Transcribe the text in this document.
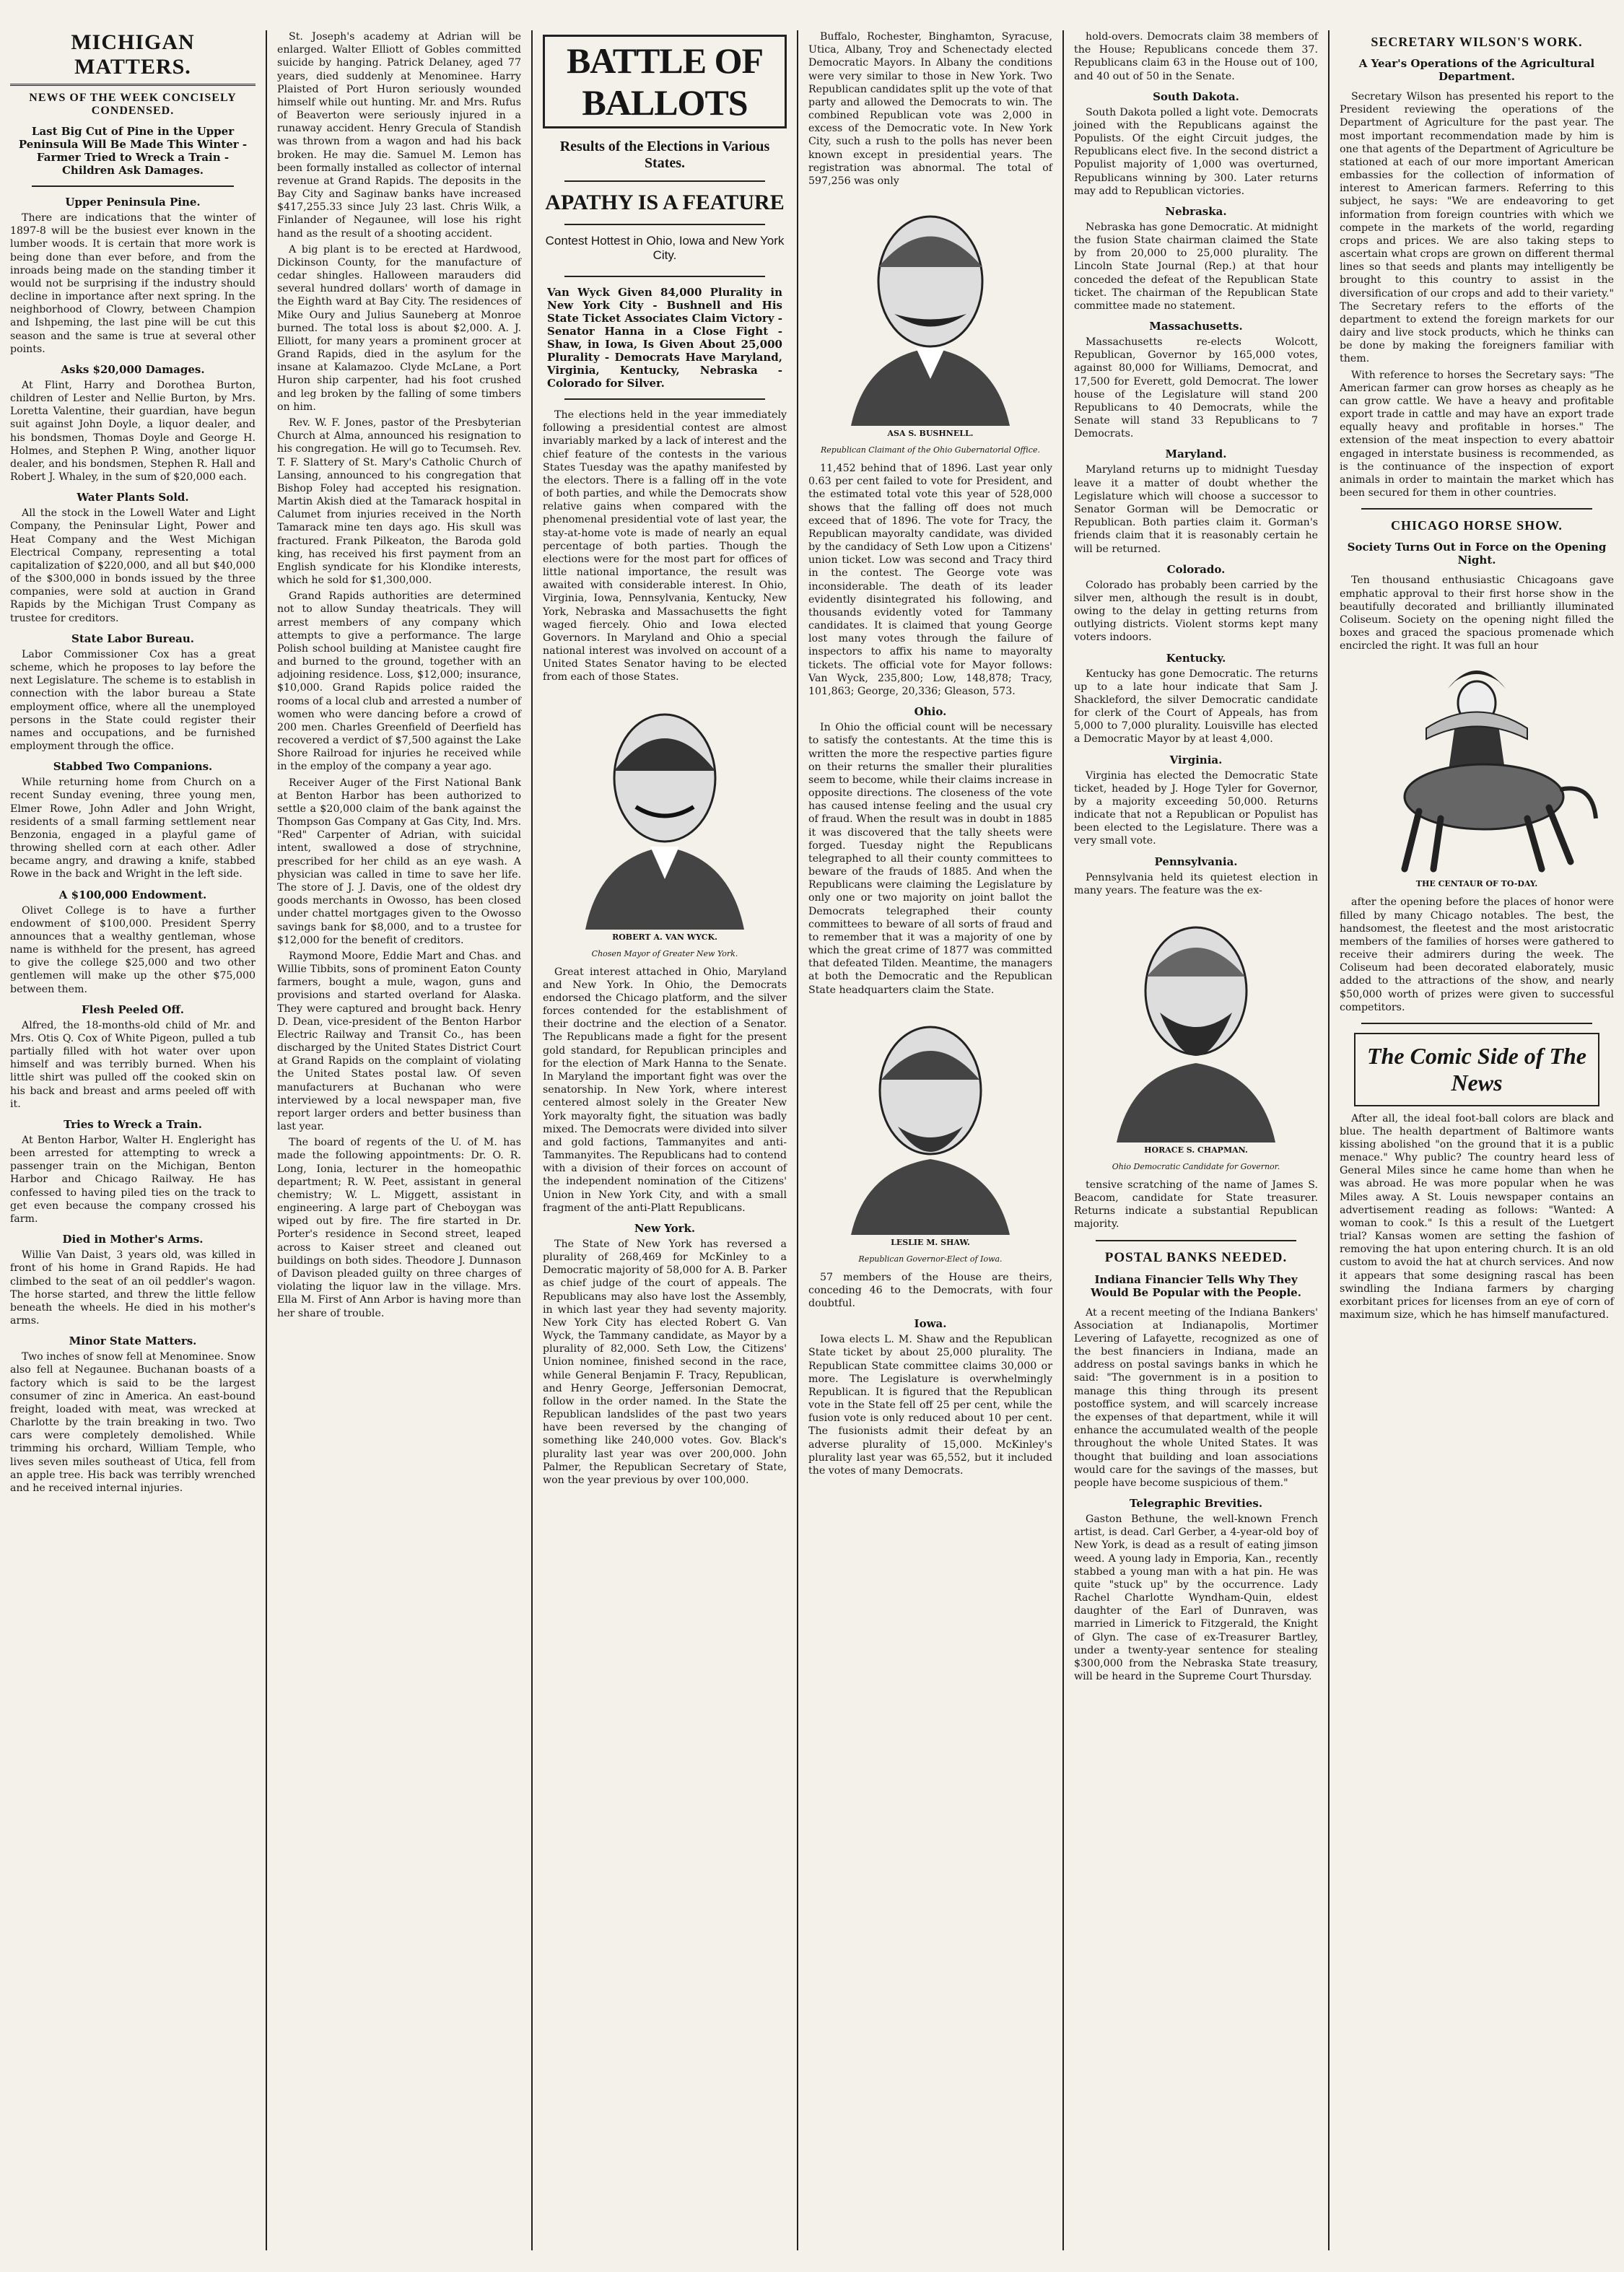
MICHIGAN MATTERS.
NEWS OF THE WEEK CONCISELY CONDENSED.
Last Big Cut of Pine in the Upper Peninsula Will Be Made This Winter - Farmer Tried to Wreck a Train - Children Ask Damages.
Upper Peninsula Pine.

There are indications that the winter of 1897-8 will be the busiest ever known in the lumber woods. It is certain that more work is being done than ever before, and from the inroads being made on the standing timber it would not be surprising if the industry should decline in importance after next spring. In the neighborhood of Clowry, between Champion and Ishpeming, the last pine will be cut this season and the same is true at several other points.

Asks $20,000 Damages.

At Flint, Harry and Dorothea Burton, children of Lester and Nellie Burton, by Mrs. Loretta Valentine, their guardian, have begun suit against John Doyle, a liquor dealer, and his bondsmen, Thomas Doyle and George H. Holmes, and Stephen P. Wing, another liquor dealer, and his bondsmen, Stephen R. Hall and Robert J. Whaley, in the sum of $20,000 each.

Water Plants Sold.

All the stock in the Lowell Water and Light Company, the Peninsular Light, Power and Heat Company and the West Michigan Electrical Company, representing a total capitalization of $220,000, and all but $40,000 of the $300,000 in bonds issued by the three companies, were sold at auction in Grand Rapids by the Michigan Trust Company as trustee for creditors.

State Labor Bureau.

Labor Commissioner Cox has a great scheme, which he proposes to lay before the next Legislature. The scheme is to establish in connection with the labor bureau a State employment office, where all the unemployed persons in the State could register their names and occupations, and be furnished employment through the office.

Stabbed Two Companions.

While returning home from Church on a recent Sunday evening, three young men, Elmer Rowe, John Adler and John Wright, residents of a small farming settlement near Benzonia, engaged in a playful game of throwing shelled corn at each other. Adler became angry, and drawing a knife, stabbed Rowe in the back and Wright in the left side.

A $100,000 Endowment.

Olivet College is to have a further endowment of $100,000. President Sperry announces that a wealthy gentleman, whose name is withheld for the present, has agreed to give the college $25,000 and two other gentlemen will make up the other $75,000 between them.

Flesh Peeled Off.

Alfred, the 18-months-old child of Mr. and Mrs. Otis Q. Cox of White Pigeon, pulled a tub partially filled with hot water over upon himself and was terribly burned. When his little shirt was pulled off the cooked skin on his back and breast and arms peeled off with it.

Tries to Wreck a Train.

At Benton Harbor, Walter H. Engleright has been arrested for attempting to wreck a passenger train on the Michigan, Benton Harbor and Chicago Railway. He has confessed to having piled ties on the track to get even because the company crossed his farm.

Died in Mother's Arms.

Willie Van Daist, 3 years old, was killed in front of his home in Grand Rapids. He had climbed to the seat of an oil peddler's wagon. The horse started, and threw the little fellow beneath the wheels. He died in his mother's arms.

Minor State Matters.

Two inches of snow fell at Menominee. Snow also fell at Negaunee. Buchanan boasts of a factory which is said to be the largest consumer of zinc in America. An east-bound freight, loaded with meat, was wrecked at Charlotte by the train breaking in two. Two cars were completely demolished. While trimming his orchard, William Temple, who lives seven miles southeast of Utica, fell from an apple tree. His back was terribly wrenched and he received internal injuries.

St. Joseph's academy at Adrian will be enlarged. Walter Elliott of Gobles committed suicide by hanging. Patrick Delaney, aged 77 years, died suddenly at Menominee. Harry Plaisted of Port Huron seriously wounded himself while out hunting. Mr. and Mrs. Rufus of Beaverton were seriously injured in a runaway accident. Henry Grecula of Standish was thrown from a wagon and had his back broken. He may die. Samuel M. Lemon has been formally installed as collector of internal revenue at Grand Rapids. The deposits in the Bay City and Saginaw banks have increased $417,255.33 since July 23 last. Chris Wilk, a Finlander of Negaunee, will lose his right hand as the result of a shooting accident.

A big plant is to be erected at Hardwood, Dickinson County, for the manufacture of cedar shingles. Halloween marauders did several hundred dollars' worth of damage in the Eighth ward at Bay City. The residences of Mike Oury and Julius Sauneberg at Monroe burned. The total loss is about $2,000. A. J. Elliott, for many years a prominent grocer at Grand Rapids, died in the asylum for the insane at Kalamazoo. Clyde McLane, a Port Huron ship carpenter, had his foot crushed and leg broken by the falling of some timbers on him.

Rev. W. F. Jones, pastor of the Presbyterian Church at Alma, announced his resignation to his congregation. He will go to Tecumseh. Rev. T. F. Slattery of St. Mary's Catholic Church of Lansing, announced to his congregation that Bishop Foley had accepted his resignation. Martin Akish died at the Tamarack hospital in Calumet from injuries received in the North Tamarack mine ten days ago. His skull was fractured. Frank Pilkeaton, the Baroda gold king, has received his first payment from an English syndicate for his Klondike interests, which he sold for $1,300,000.

Grand Rapids authorities are determined not to allow Sunday theatricals. They will arrest members of any company which attempts to give a performance. The large Polish school building at Manistee caught fire and burned to the ground, together with an adjoining residence. Loss, $12,000; insurance, $10,000. Grand Rapids police raided the rooms of a local club and arrested a number of women who were dancing before a crowd of 200 men. Charles Greenfield of Deerfield has recovered a verdict of $7,500 against the Lake Shore Railroad for injuries he received while in the employ of the company a year ago.

Receiver Auger of the First National Bank at Benton Harbor has been authorized to settle a $20,000 claim of the bank against the Thompson Gas Company at Gas City, Ind. Mrs. "Red" Carpenter of Adrian, with suicidal intent, swallowed a dose of strychnine, prescribed for her child as an eye wash. A physician was called in time to save her life. The store of J. J. Davis, one of the oldest dry goods merchants in Owosso, has been closed under chattel mortgages given to the Owosso savings bank for $8,000, and to a trustee for $12,000 for the benefit of creditors.

Raymond Moore, Eddie Mart and Chas. and Willie Tibbits, sons of prominent Eaton County farmers, bought a mule, wagon, guns and provisions and started overland for Alaska. They were captured and brought back. Henry D. Dean, vice-president of the Benton Harbor Electric Railway and Transit Co., has been discharged by the United States District Court at Grand Rapids on the complaint of violating the United States postal law. Of seven manufacturers at Buchanan who were interviewed by a local newspaper man, five report larger orders and better business than last year.

The board of regents of the U. of M. has made the following appointments: Dr. O. R. Long, Ionia, lecturer in the homeopathic department; R. W. Peet, assistant in general chemistry; W. L. Miggett, assistant in engineering. A large part of Cheboygan was wiped out by fire. The fire started in Dr. Porter's residence in Second street, leaped across to Kaiser street and cleaned out buildings on both sides. Theodore J. Dunnason of Davison pleaded guilty on three charges of violating the liquor law in the village. Mrs. Ella M. First of Ann Arbor is having more than her share of trouble.

BATTLE OF BALLOTS
Results of the Elections in Various States.
APATHY IS A FEATURE
Contest Hottest in Ohio, Iowa and New York City.
Van Wyck Given 84,000 Plurality in New York City - Bushnell and His State Ticket Associates Claim Victory - Senator Hanna in a Close Fight - Shaw, in Iowa, Is Given About 25,000 Plurality - Democrats Have Maryland, Virginia, Kentucky, Nebraska - Colorado for Silver.

The elections held in the year immediately following a presidential contest are almost invariably marked by a lack of interest and the chief feature of the contests in the various States Tuesday was the apathy manifested by the electors. There is a falling off in the vote of both parties, and while the Democrats show relative gains when compared with the phenomenal presidential vote of last year, the stay-at-home vote is made of nearly an equal percentage of both parties. Though the elections were for the most part for offices of little national importance, the result was awaited with considerable interest. In Ohio, Virginia, Iowa, Pennsylvania, Kentucky, New York, Nebraska and Massachusetts the fight waged fiercely. Ohio and Iowa elected Governors. In Maryland and Ohio a special national interest was involved on account of a United States Senator having to be elected from each of those States.

ROBERT A. VAN WYCK.
Chosen Mayor of Greater New York.

Great interest attached in Ohio, Maryland and New York. In Ohio, the Democrats endorsed the Chicago platform, and the silver forces contended for the establishment of their doctrine and the election of a Senator. The Republicans made a fight for the present gold standard, for Republican principles and for the election of Mark Hanna to the Senate. In Maryland the important fight was over the senatorship. In New York, where interest centered almost solely in the Greater New York mayoralty fight, the situation was badly mixed. The Democrats were divided into silver and gold factions, Tammanyites and anti-Tammanyites. The Republicans had to contend with a division of their forces on account of the independent nomination of the Citizens' Union in New York City, and with a small fragment of the anti-Platt Republicans.

New York.

The State of New York has reversed a plurality of 268,469 for McKinley to a Democratic majority of 58,000 for A. B. Parker as chief judge of the court of appeals. The Republicans may also have lost the Assembly, in which last year they had seventy majority. New York City has elected Robert G. Van Wyck, the Tammany candidate, as Mayor by a plurality of 82,000. Seth Low, the Citizens' Union nominee, finished second in the race, while General Benjamin F. Tracy, Republican, and Henry George, Jeffersonian Democrat, follow in the order named. In the State the Republican landslides of the past two years have been reversed by the changing of something like 240,000 votes. Gov. Black's plurality last year was over 200,000. John Palmer, the Republican Secretary of State, won the year previous by over 100,000.

Buffalo, Rochester, Binghamton, Syracuse, Utica, Albany, Troy and Schenectady elected Democratic Mayors. In Albany the conditions were very similar to those in New York. Two Republican candidates split up the vote of that party and allowed the Democrats to win. The combined Republican vote was 2,000 in excess of the Democratic vote. In New York City, such a rush to the polls has never been known except in presidential years. The registration was abnormal. The total of 597,256 was only

ASA S. BUSHNELL.
Republican Claimant of the Ohio Gubernatorial Office.

11,452 behind that of 1896. Last year only 0.63 per cent failed to vote for President, and the estimated total vote this year of 528,000 shows that the falling off does not much exceed that of 1896. The vote for Tracy, the Republican mayoralty candidate, was divided by the candidacy of Seth Low upon a Citizens' union ticket. Low was second and Tracy third in the contest. The George vote was inconsiderable. The death of its leader evidently disintegrated his following, and thousands evidently voted for Tammany candidates. It is claimed that young George lost many votes through the failure of inspectors to affix his name to mayoralty tickets. The official vote for Mayor follows: Van Wyck, 235,800; Low, 148,878; Tracy, 101,863; George, 20,336; Gleason, 573.

Ohio.

In Ohio the official count will be necessary to satisfy the contestants. At the time this is written the more the respective parties figure on their returns the smaller their pluralities seem to become, while their claims increase in opposite directions. The closeness of the vote has caused intense feeling and the usual cry of fraud. When the result was in doubt in 1885 it was discovered that the tally sheets were forged. Tuesday night the Republicans telegraphed to all their county committees to beware of the frauds of 1885. And when the Republicans were claiming the Legislature by only one or two majority on joint ballot the Democrats telegraphed their county committees to beware of all sorts of fraud and to remember that it was a majority of one by which the great crime of 1877 was committed that defeated Tilden. Meantime, the managers at both the Democratic and the Republican State headquarters claim the State.

LESLIE M. SHAW.
Republican Governor-Elect of Iowa.

57 members of the House are theirs, conceding 46 to the Democrats, with four doubtful.

Iowa.

Iowa elects L. M. Shaw and the Republican State ticket by about 25,000 plurality. The Republican State committee claims 30,000 or more. The Legislature is overwhelmingly Republican. It is figured that the Republican vote in the State fell off 25 per cent, while the fusion vote is only reduced about 10 per cent. The fusionists admit their defeat by an adverse plurality of 15,000. McKinley's plurality last year was 65,552, but it included the votes of many Democrats.

hold-overs. Democrats claim 38 members of the House; Republicans concede them 37. Republicans claim 63 in the House out of 100, and 40 out of 50 in the Senate.

South Dakota.

South Dakota polled a light vote. Democrats joined with the Republicans against the Populists. Of the eight Circuit judges, the Republicans elect five. In the second district a Populist majority of 1,000 was overturned, Republicans winning by 300. Later returns may add to Republican victories.

Nebraska.

Nebraska has gone Democratic. At midnight the fusion State chairman claimed the State by from 20,000 to 25,000 plurality. The Lincoln State Journal (Rep.) at that hour conceded the defeat of the Republican State ticket. The chairman of the Republican State committee made no statement.

Massachusetts.

Massachusetts re-elects Wolcott, Republican, Governor by 165,000 votes, against 80,000 for Williams, Democrat, and 17,500 for Everett, gold Democrat. The lower house of the Legislature will stand 200 Republicans to 40 Democrats, while the Senate will stand 33 Republicans to 7 Democrats.

Maryland.

Maryland returns up to midnight Tuesday leave it a matter of doubt whether the Legislature which will choose a successor to Senator Gorman will be Democratic or Republican. Both parties claim it. Gorman's friends claim that it is reasonably certain he will be returned.

Colorado.

Colorado has probably been carried by the silver men, although the result is in doubt, owing to the delay in getting returns from outlying districts. Violent storms kept many voters indoors.

Kentucky.

Kentucky has gone Democratic. The returns up to a late hour indicate that Sam J. Shackleford, the silver Democratic candidate for clerk of the Court of Appeals, has from 5,000 to 7,000 plurality. Louisville has elected a Democratic Mayor by at least 4,000.

Virginia.

Virginia has elected the Democratic State ticket, headed by J. Hoge Tyler for Governor, by a majority exceeding 50,000. Returns indicate that not a Republican or Populist has been elected to the Legislature. There was a very small vote.

Pennsylvania.

Pennsylvania held its quietest election in many years. The feature was the ex-

HORACE S. CHAPMAN.
Ohio Democratic Candidate for Governor.

tensive scratching of the name of James S. Beacom, candidate for State treasurer. Returns indicate a substantial Republican majority.

POSTAL BANKS NEEDED.
Indiana Financier Tells Why They Would Be Popular with the People.

At a recent meeting of the Indiana Bankers' Association at Indianapolis, Mortimer Levering of Lafayette, recognized as one of the best financiers in Indiana, made an address on postal savings banks in which he said: "The government is in a position to manage this thing through its present postoffice system, and will scarcely increase the expenses of that department, while it will enhance the accumulated wealth of the people throughout the whole United States. It was thought that building and loan associations would care for the savings of the masses, but people have become suspicious of them."

Telegraphic Brevities.

Gaston Bethune, the well-known French artist, is dead. Carl Gerber, a 4-year-old boy of New York, is dead as a result of eating jimson weed. A young lady in Emporia, Kan., recently stabbed a young man with a hat pin. He was quite "stuck up" by the occurrence. Lady Rachel Charlotte Wyndham-Quin, eldest daughter of the Earl of Dunraven, was married in Limerick to Fitzgerald, the Knight of Glyn. The case of ex-Treasurer Bartley, under a twenty-year sentence for stealing $300,000 from the Nebraska State treasury, will be heard in the Supreme Court Thursday.

SECRETARY WILSON'S WORK.
A Year's Operations of the Agricultural Department.

Secretary Wilson has presented his report to the President reviewing the operations of the Department of Agriculture for the past year. The most important recommendation made by him is one that agents of the Department of Agriculture be stationed at each of our more important American embassies for the collection of information of interest to American farmers. Referring to this subject, he says: "We are endeavoring to get information from foreign countries with which we compete in the markets of the world, regarding crops and prices. We are also taking steps to ascertain what crops are grown on different thermal lines so that seeds and plants may intelligently be brought to this country to assist in the diversification of our crops and add to their variety." The Secretary refers to the efforts of the department to extend the foreign markets for our dairy and live stock products, which he thinks can be done by making the foreigners familiar with them.

With reference to horses the Secretary says: "The American farmer can grow horses as cheaply as he can grow cattle. We have a heavy and profitable export trade in cattle and may have an export trade equally heavy and profitable in horses." The extension of the meat inspection to every abattoir engaged in interstate business is recommended, as is the continuance of the inspection of export animals in order to maintain the market which has been secured for them in other countries.

CHICAGO HORSE SHOW.
Society Turns Out in Force on the Opening Night.

Ten thousand enthusiastic Chicagoans gave emphatic approval to their first horse show in the beautifully decorated and brilliantly illuminated Coliseum. Society on the opening night filled the boxes and graced the spacious promenade which encircled the right. It was full an hour

THE CENTAUR OF TO-DAY.

after the opening before the places of honor were filled by many Chicago notables. The best, the handsomest, the fleetest and the most aristocratic members of the families of horses were gathered to receive their admirers during the week. The Coliseum had been decorated elaborately, music added to the attractions of the show, and nearly $50,000 worth of prizes were given to successful competitors.

The Comic Side of The News

After all, the ideal foot-ball colors are black and blue. The health department of Baltimore wants kissing abolished "on the ground that it is a public menace." Why public? The country heard less of General Miles since he came home than when he was abroad. He was more popular when he was Miles away. A St. Louis newspaper contains an advertisement reading as follows: "Wanted: A woman to cook." Is this a result of the Luetgert trial? Kansas women are setting the fashion of removing the hat upon entering church. It is an old custom to avoid the hat at church services. And now it appears that some designing rascal has been swindling the Indiana farmers by charging exorbitant prices for licenses from an eye of corn of maximum size, which he has himself manufactured.
